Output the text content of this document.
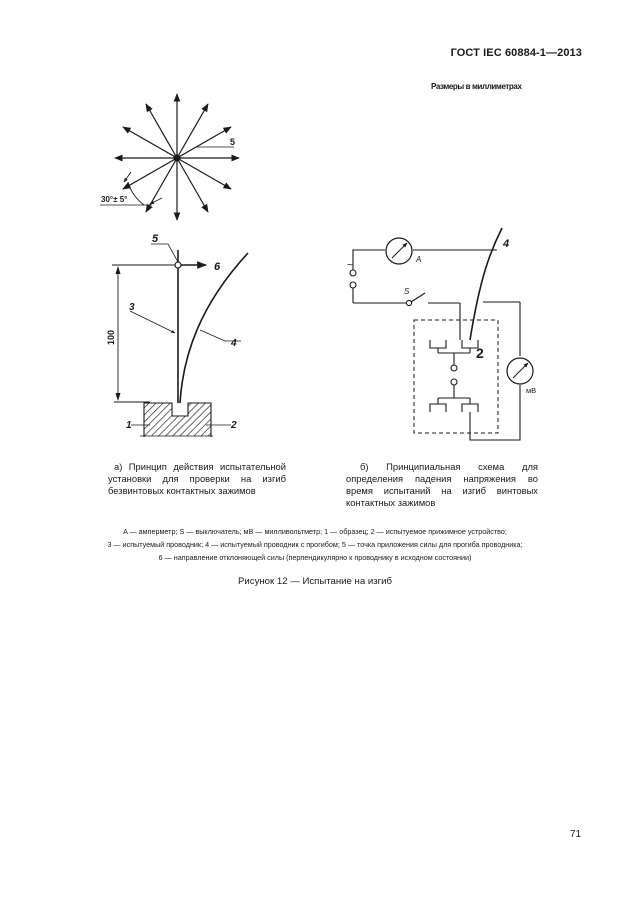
ГОСТ IEC 60884-1—2013
Размеры в миллиметрах
5
30°± 5°
5
6
3
4
1	2
100
~
4
A
S
2
мВ
а) Принцип действия испытательной установки для проверки на изгиб безвинтовых контактных зажимов
б) Принципиальная схема для определения падения напряжения во время испытаний на изгиб винтовых контактных зажимов
A — амперметр; S — выключатель; мВ — милливольтметр; 1 — образец; 2 — испытуемое прижимное устройство;
3 — испытуемый проводник; 4 — испытуемый проводник с прогибом; 5 — точка приложения силы для прогиба проводника;
6 — направление отклоняющей силы (перпендикулярно к проводнику в исходном состоянии)
Рисунок 12 — Испытание на изгиб
71
